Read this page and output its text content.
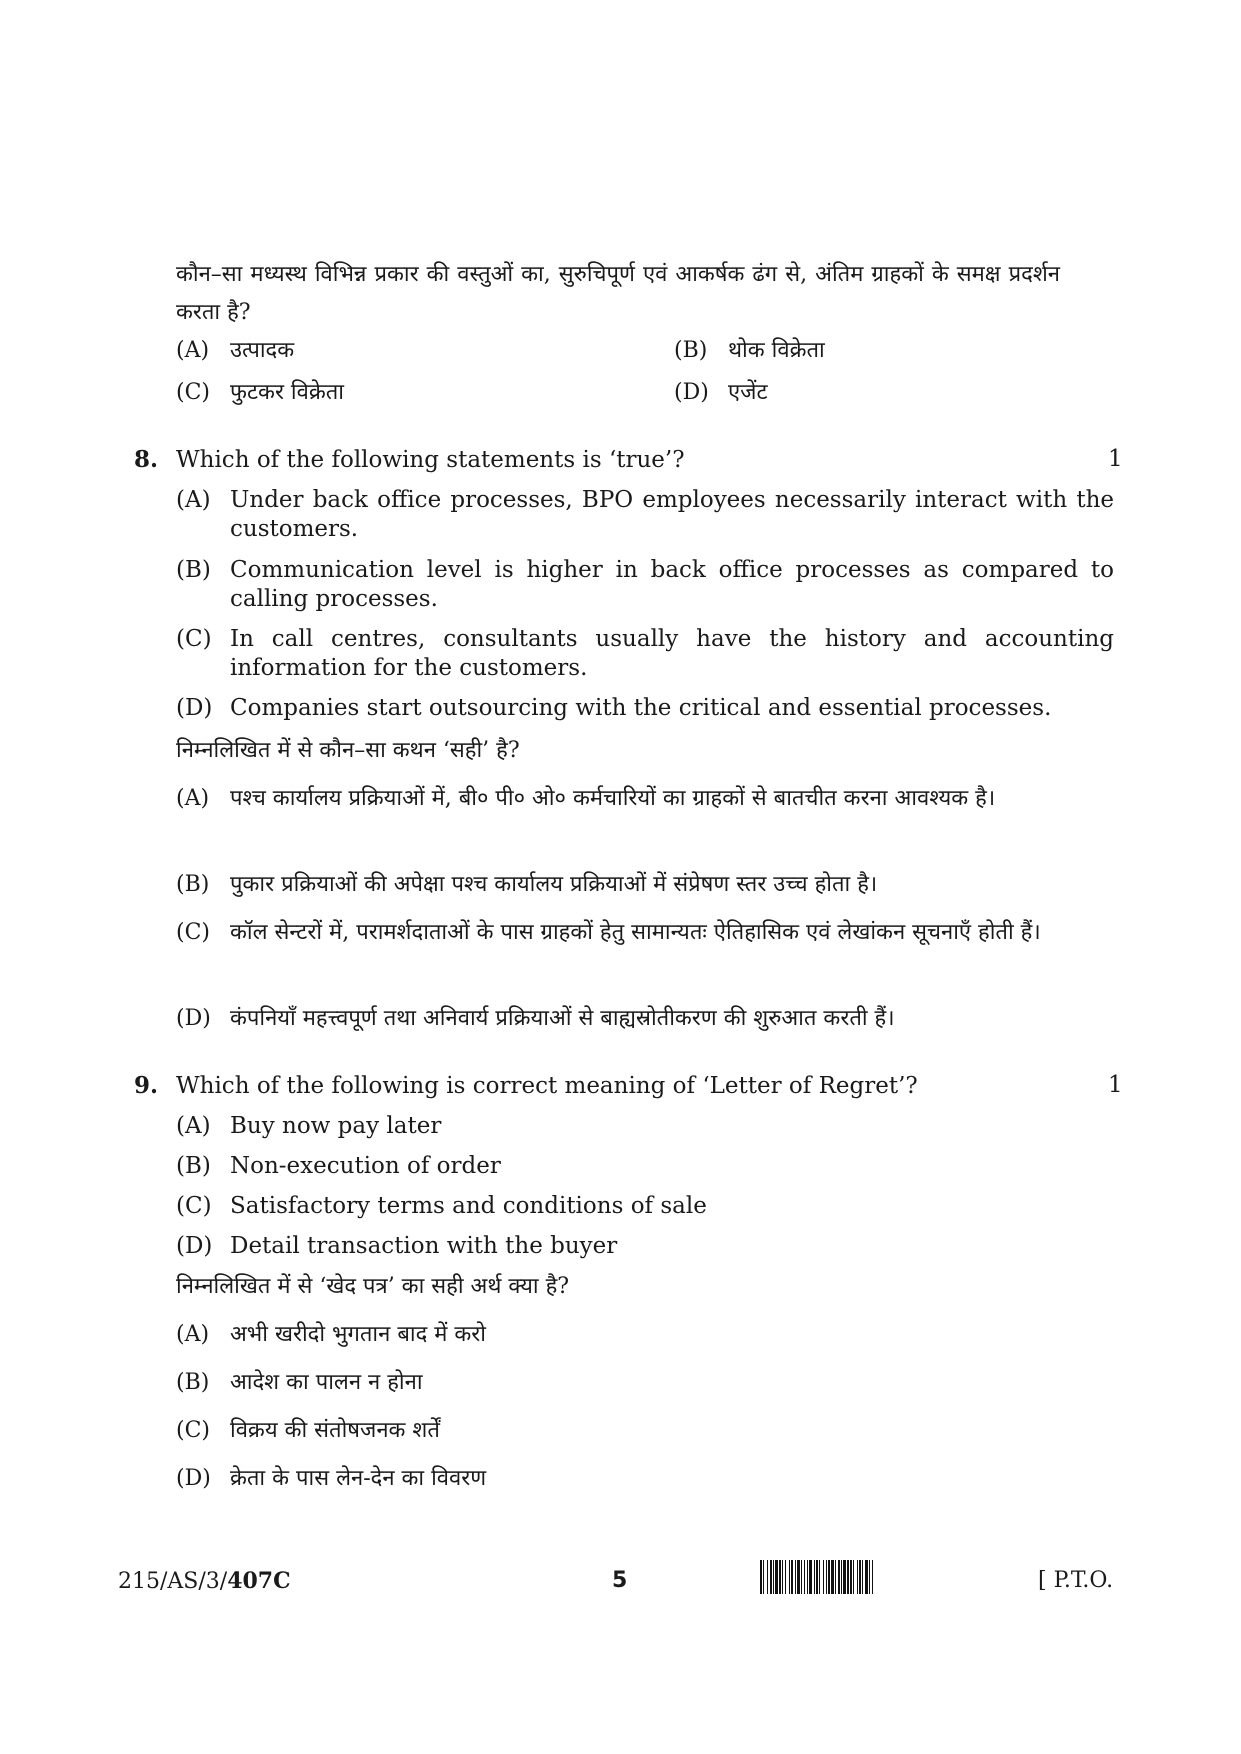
कौन–सा मध्यस्थ विभिन्न प्रकार की वस्तुओं का, सुरुचिपूर्ण एवं आकर्षक ढंग से, अंतिम ग्राहकों के समक्ष प्रदर्शन करता है?
(A) उत्पादक	(B) थोक विक्रेता
(C) फुटकर विक्रेता	(D) एजेंट
8. Which of the following statements is ‘true’?	1
(A) Under back office processes, BPO employees necessarily interact with the customers.
(B) Communication level is higher in back office processes as compared to calling processes.
(C) In call centres, consultants usually have the history and accounting information for the customers.
(D) Companies start outsourcing with the critical and essential processes.
निम्नलिखित में से कौन–सा कथन ‘सही’ है?
(A) पश्च कार्यालय प्रक्रियाओं में, बी० पी० ओ० कर्मचारियों का ग्राहकों से बातचीत करना आवश्यक है।
(B) पुकार प्रक्रियाओं की अपेक्षा पश्च कार्यालय प्रक्रियाओं में संप्रेषण स्तर उच्च होता है।
(C) कॉल सेन्टरों में, परामर्शदाताओं के पास ग्राहकों हेतु सामान्यतः ऐतिहासिक एवं लेखांकन सूचनाएँ होती हैं।
(D) कंपनियाँ महत्त्वपूर्ण तथा अनिवार्य प्रक्रियाओं से बाह्यस्रोतीकरण की शुरुआत करती हैं।
9. Which of the following is correct meaning of ‘Letter of Regret’?	1
(A) Buy now pay later
(B) Non-execution of order
(C) Satisfactory terms and conditions of sale
(D) Detail transaction with the buyer
निम्नलिखित में से ‘खेद पत्र’ का सही अर्थ क्या है?
(A) अभी खरीदो भुगतान बाद में करो
(B) आदेश का पालन न होना
(C) विक्रय की संतोषजनक शर्तें
(D) क्रेता के पास लेन-देन का विवरण
215/AS/3/407C	5	[ P.T.O.
